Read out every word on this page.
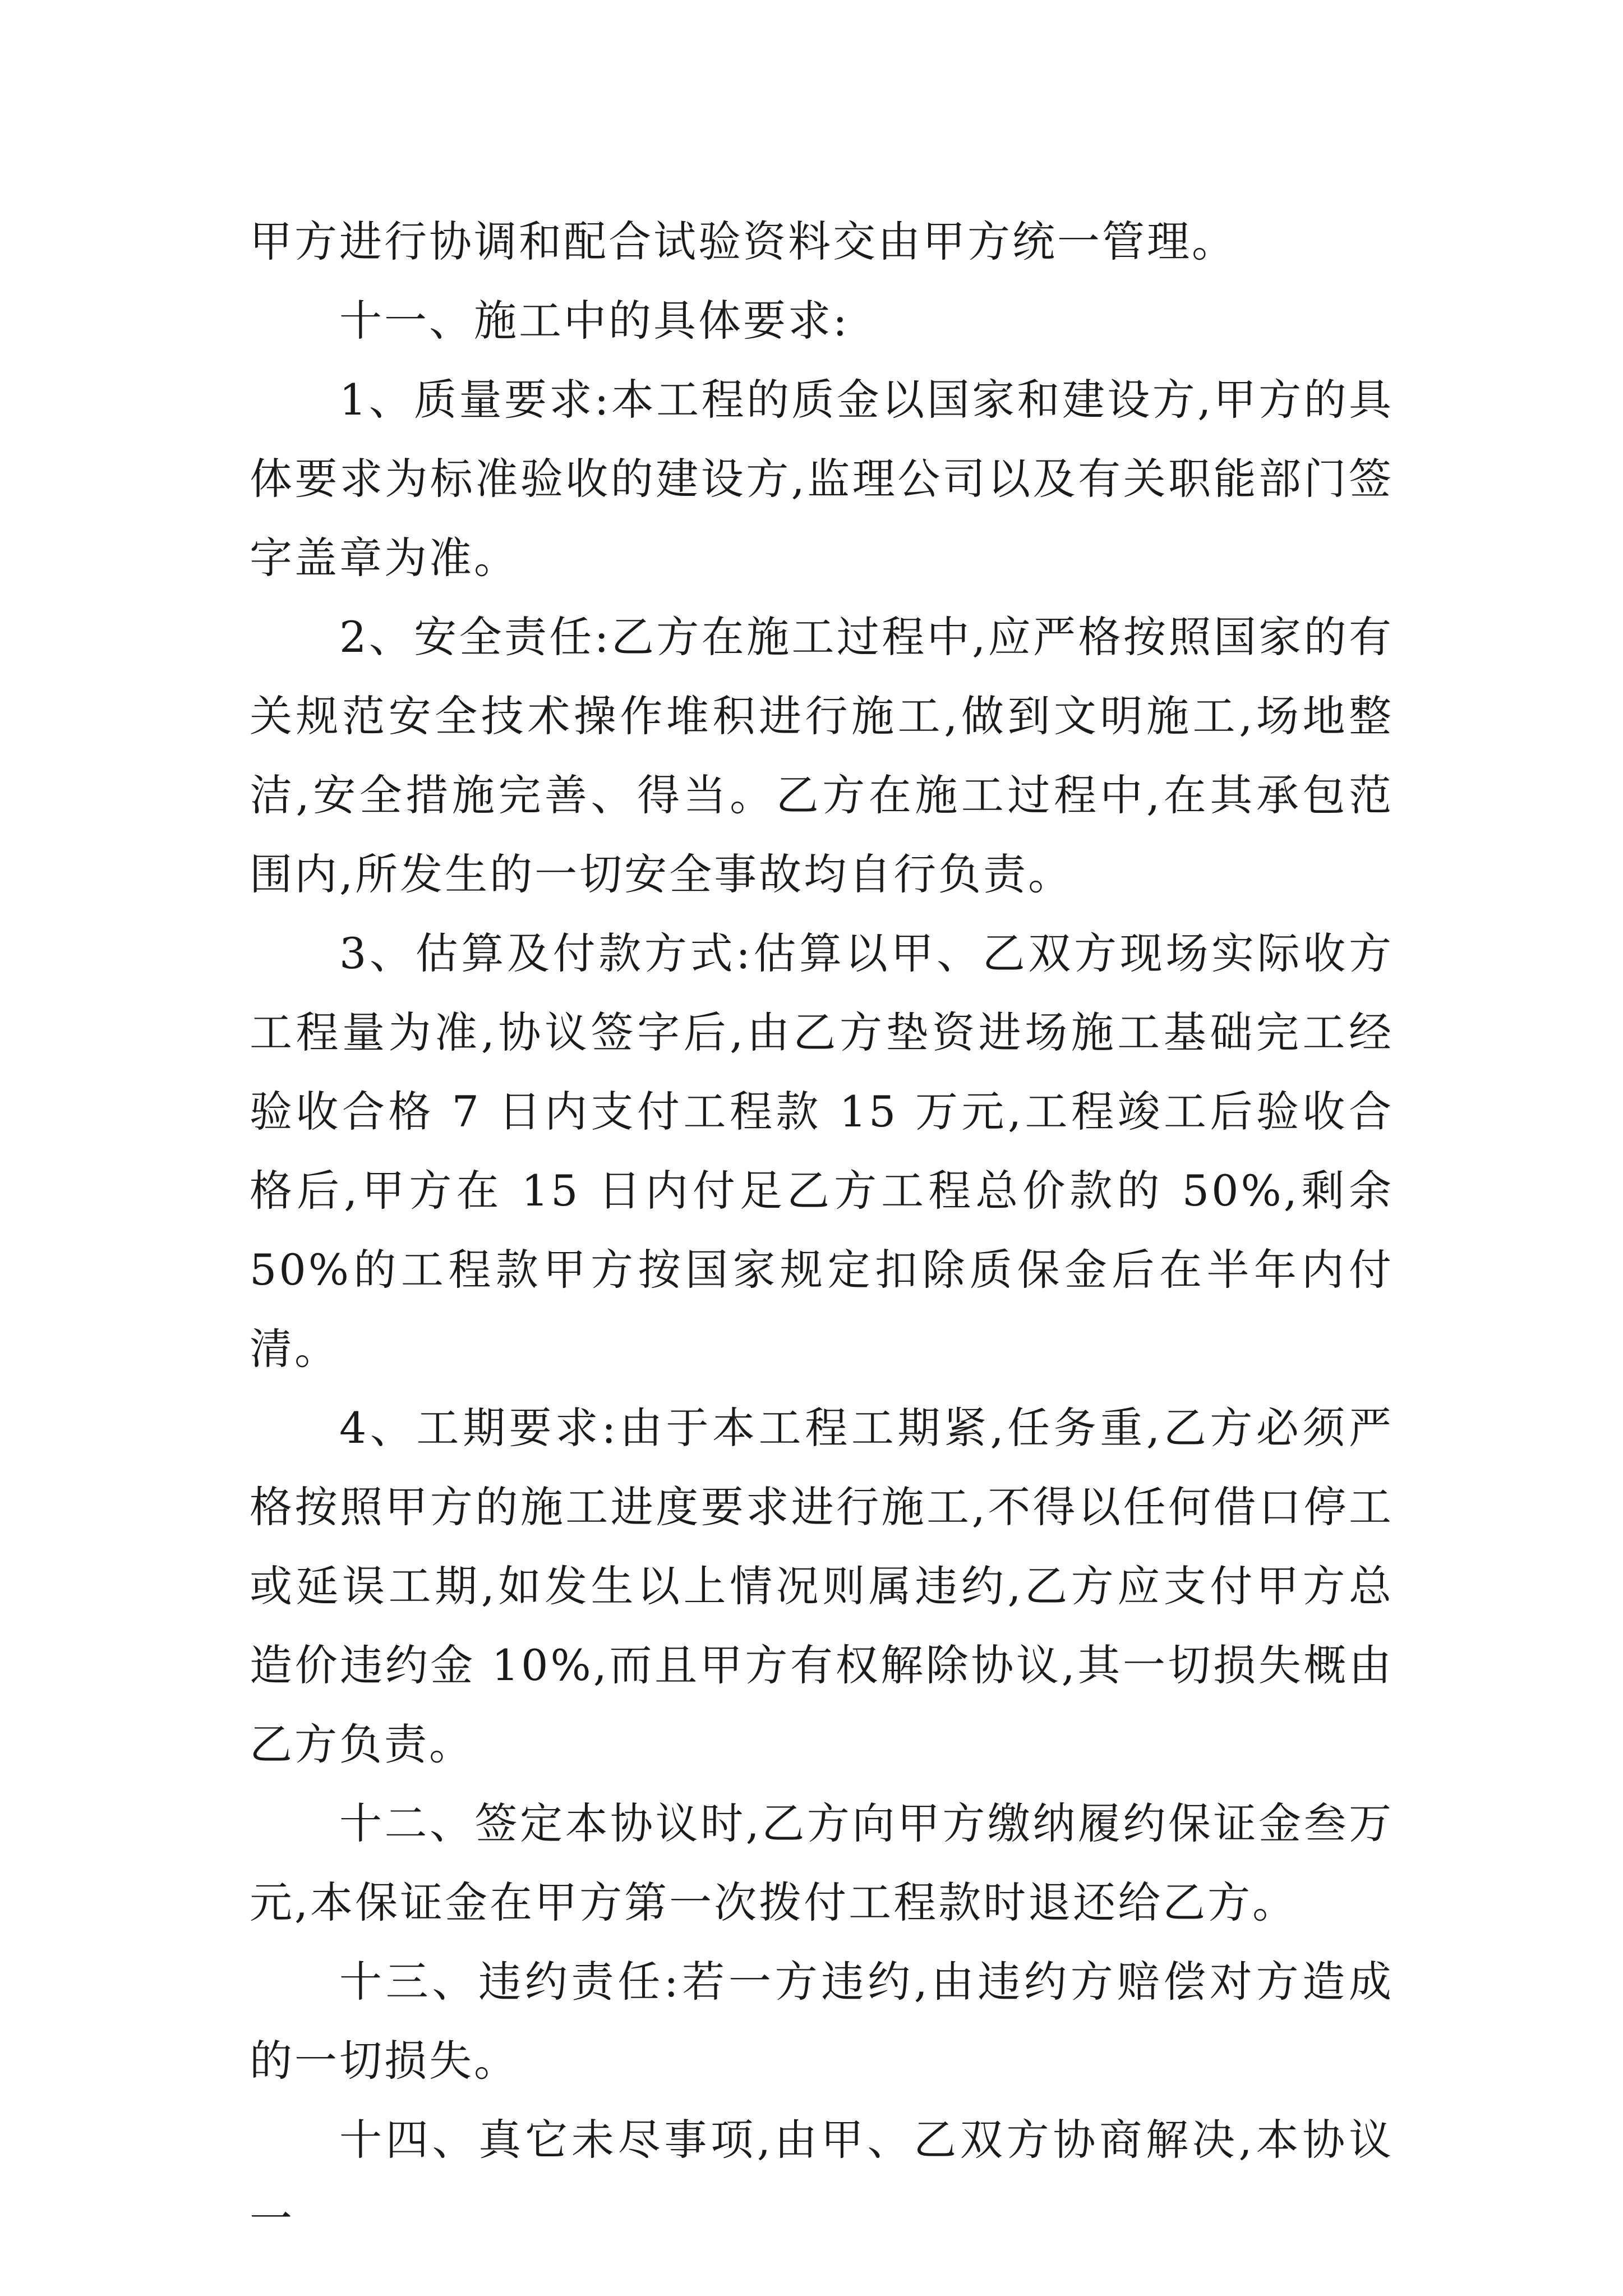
甲方进行协调和配合试验资料交由甲方统一管理。

十一、施工中的具体要求:

1、质量要求:本工程的质金以国家和建设方,甲方的具体要求为标准验收的建设方,监理公司以及有关职能部门签字盖章为准。

2、安全责任:乙方在施工过程中,应严格按照国家的有关规范安全技术操作堆积进行施工,做到文明施工,场地整洁,安全措施完善、得当。乙方在施工过程中,在其承包范围内,所发生的一切安全事故均自行负责。

3、估算及付款方式:估算以甲、乙双方现场实际收方工程量为准,协议签字后,由乙方垫资进场施工基础完工经验收合格 7 日内支付工程款 15 万元,工程竣工后验收合格后,甲方在 15 日内付足乙方工程总价款的 50%,剩余 50%的工程款甲方按国家规定扣除质保金后在半年内付清。

4、工期要求:由于本工程工期紧,任务重,乙方必须严格按照甲方的施工进度要求进行施工,不得以任何借口停工或延误工期,如发生以上情况则属违约,乙方应支付甲方总造价违约金 10%,而且甲方有权解除协议,其一切损失概由乙方负责。

十二、签定本协议时,乙方向甲方缴纳履约保证金叁万元,本保证金在甲方第一次拨付工程款时退还给乙方。

十三、违约责任:若一方违约,由违约方赔偿对方造成的一切损失。

十四、真它未尽事项,由甲、乙双方协商解决,本协议一
